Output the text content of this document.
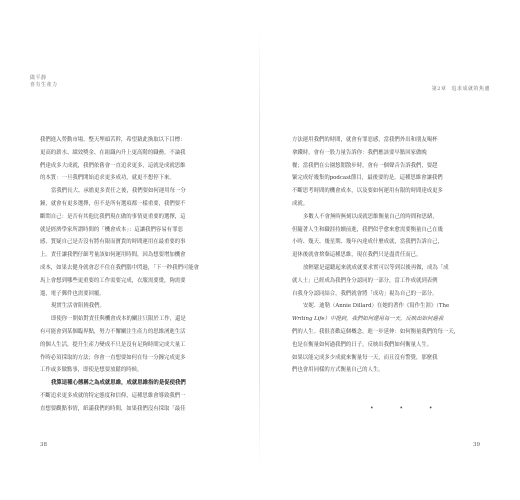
做平靜
喜有生產力
我們進入勞動市場，整天埋頭苦幹，希望藉此換取以下目標：
更高的薪水、績效獎金、在組織內升上更高階的職務。不論我
們達成多大成就，我們依舊會一直追求更多，這就是成就思維
的本質：一旦我們開始追求更多成功，就更不想停下來。
當我們長大、承擔更多責任之後，我們要如何運用每一分
鐘，就會有更多選擇，但不是所有選項都一樣重要，我們要不
斷問自己：是否有其他比我們現在做的事情更重要的選擇，這
就是經濟學家所謂時間的「機會成本」：這讓我們容易有罪惡
感，質疑自己是否沒有將有限而寶貴的時間運用在最重要的事
上。責任讓我們仔細考量該如何運用時間，因為想要增加機會
成本，如果去健身就會忍不住在我們腦中閃過，「下一秒我們可能會
馬上會想到哪些更重要的工作需要完成，衣服需要燙，夠需要
遛，電子郵件也需要回覆。
現實生活會阻撓我們。
即使你一開始對責任與機會成本的關注只限於工作，還是
有可能會到某個臨界點，努力不懈關注生產力的思維湧進生活
的個人生活，提升生產力變成不只是沒有足夠時間完成大量工
作時必須採取的方法；你會一直想要如何在每一分鐘完成更多
工作或多做點事，即使是想要放鬆的時候。
我算這種心態稱之為成就思維，成就思維指的是促使我們
不斷追求更多成就的特定態度和信仰，這種思維會導致我們一
直想要觀點事情，紙滿我們的時間，如果我們沒有採取「最佳
38
第2章 追求成就的焦慮
方法運用我們的時間，就會有罪惡感，當我們外出和朋友喝杯
拿鐵時，會有一股力量告訴你：我們應該要早點回家做晚
餐；當我們在公園悠閒散步時，會有一個聲音告訴我們，要趕
緊完成好幾集的podcast節目，最後要的是，這種思維會讓我們
不斷思考時間的機會成本，以及要如何運用有限的時間達成更多
成就。
多數人不會無時無刻以成就思維衡量自己的時間和思緒，
但隨著人生和職涯持續前進，我們似乎愈來愈需要衡量自己在幾
小時、幾天、幾星期、幾年內達成什麼成就，當我們告訴自己，
退休後就會捨棄這種思維，現在我們只是盡責任而已。
放輕鬆是還聽起來就成就要求實可以等到以後再做，成為「成
就人士」已經成為我們身分認同的一部分，當工作成就到表例
自我身分認同結合，我們就會將「成功」視為自己的一部分。
安妮．迪勒（Annie Dillard）在她的著作《寫作生涯》（The
Writing Life）中提到，我們如何運用每一天，反映出如何過我
們的人生。我很喜歡這個概念，進一步延伸：如何衡量我們的每一天，
也是在衡量如何過我們的日子，反映出我們如何衡量人生。
如果以能完成多少成就來衡量每一天，而且沒有警覺，那麼我
們也會用同樣的方式衡量自己的人生。
• • •
39
